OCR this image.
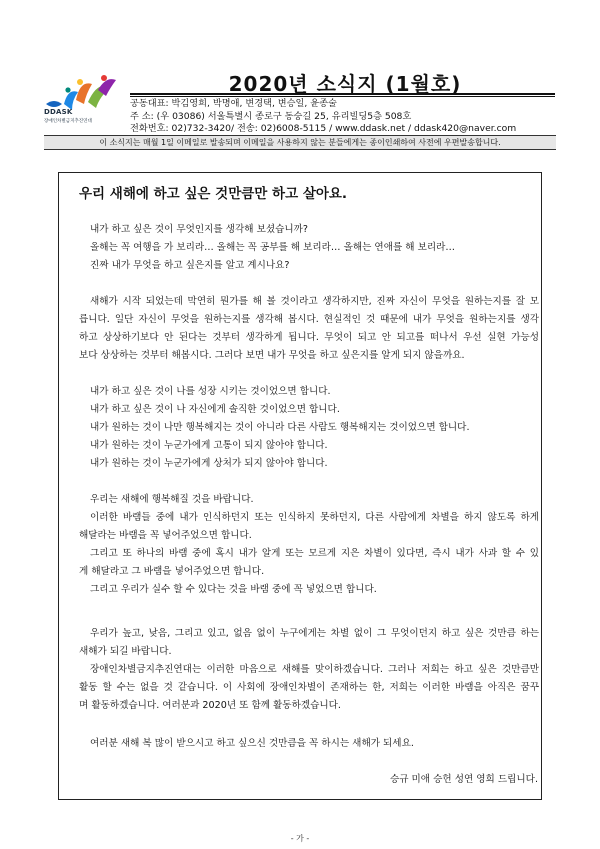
DDASK
장애인차별금지추진연대
2020년 소식지 (1월호)
공동대표: 박김영희, 박명애, 변경택, 변승일, 윤종술
주 소: (우 03086) 서울특별시 종로구 동숭길 25, 유리빌딩5층 508호
전화번호: 02)732-3420/ 전송: 02)6008-5115 / www.ddask.net / ddask420@naver.com
이 소식지는 매월 1일 이메일로 발송되며 이메일을 사용하지 않는 분들에게는 종이인쇄하여 사전에 우편발송합니다.
우리 새해에 하고 싶은 것만큼만 하고 살아요.
내가 하고 싶은 것이 무엇인지를 생각해 보셨습니까?
올해는 꼭 여행을 가 보리라… 올해는 꼭 공부를 해 보리라… 올해는 연애를 해 보리라…
진짜 내가 무엇을 하고 싶은지를 알고 계시나요?
새해가 시작 되었는데 막연히 뭔가를 해 볼 것이라고 생각하지만, 진짜 자신이 무엇을 원하는지를 잘 모
릅니다. 일단 자신이 무엇을 원하는지를 생각해 봅시다. 현실적인 것 때문에 내가 무엇을 원하는지를 생각
하고 상상하기보다 안 된다는 것부터 생각하게 됩니다. 무엇이 되고 안 되고를 떠나서 우선 실현 가능성
보다 상상하는 것부터 해봅시다. 그러다 보면 내가 무엇을 하고 싶은지를 알게 되지 않을까요.
내가 하고 싶은 것이 나를 성장 시키는 것이었으면 합니다.
내가 하고 싶은 것이 나 자신에게 솔직한 것이었으면 합니다.
내가 원하는 것이 나만 행복해지는 것이 아니라 다른 사람도 행복해지는 것이었으면 합니다.
내가 원하는 것이 누군가에게 고통이 되지 않아야 합니다.
내가 원하는 것이 누군가에게 상처가 되지 않아야 합니다.
우리는 새해에 행복해질 것을 바랍니다.
이러한 바램들 중에 내가 인식하던지 또는 인식하지 못하던지, 다른 사람에게 차별을 하지 않도록 하게
해달라는 바램을 꼭 넣어주었으면 합니다.
그리고 또 하나의 바램 중에 혹시 내가 알게 또는 모르게 지은 차별이 있다면, 즉시 내가 사과 할 수 있
게 해달라고 그 바램을 넣어주었으면 합니다.
그리고 우리가 실수 할 수 있다는 것을 바램 중에 꼭 넣었으면 합니다.
우리가 높고, 낮음, 그리고 있고, 없음 없이 누구에게는 차별 없이 그 무엇이던지 하고 싶은 것만큼 하는
새해가 되길 바랍니다.
장애인차별금지추진연대는 이러한 마음으로 새해를 맞이하겠습니다. 그러나 저희는 하고 싶은 것만큼만
활동 할 수는 없을 것 같습니다. 이 사회에 장애인차별이 존재하는 한, 저희는 이러한 바램을 아직은 꿈꾸
며 활동하겠습니다. 여러분과 2020년 또 함께 활동하겠습니다.
여러분 새해 복 많이 받으시고 하고 싶으신 것만큼을 꼭 하시는 새해가 되세요.
승규 미애 승헌 성연 영희 드립니다.
- 가 -
